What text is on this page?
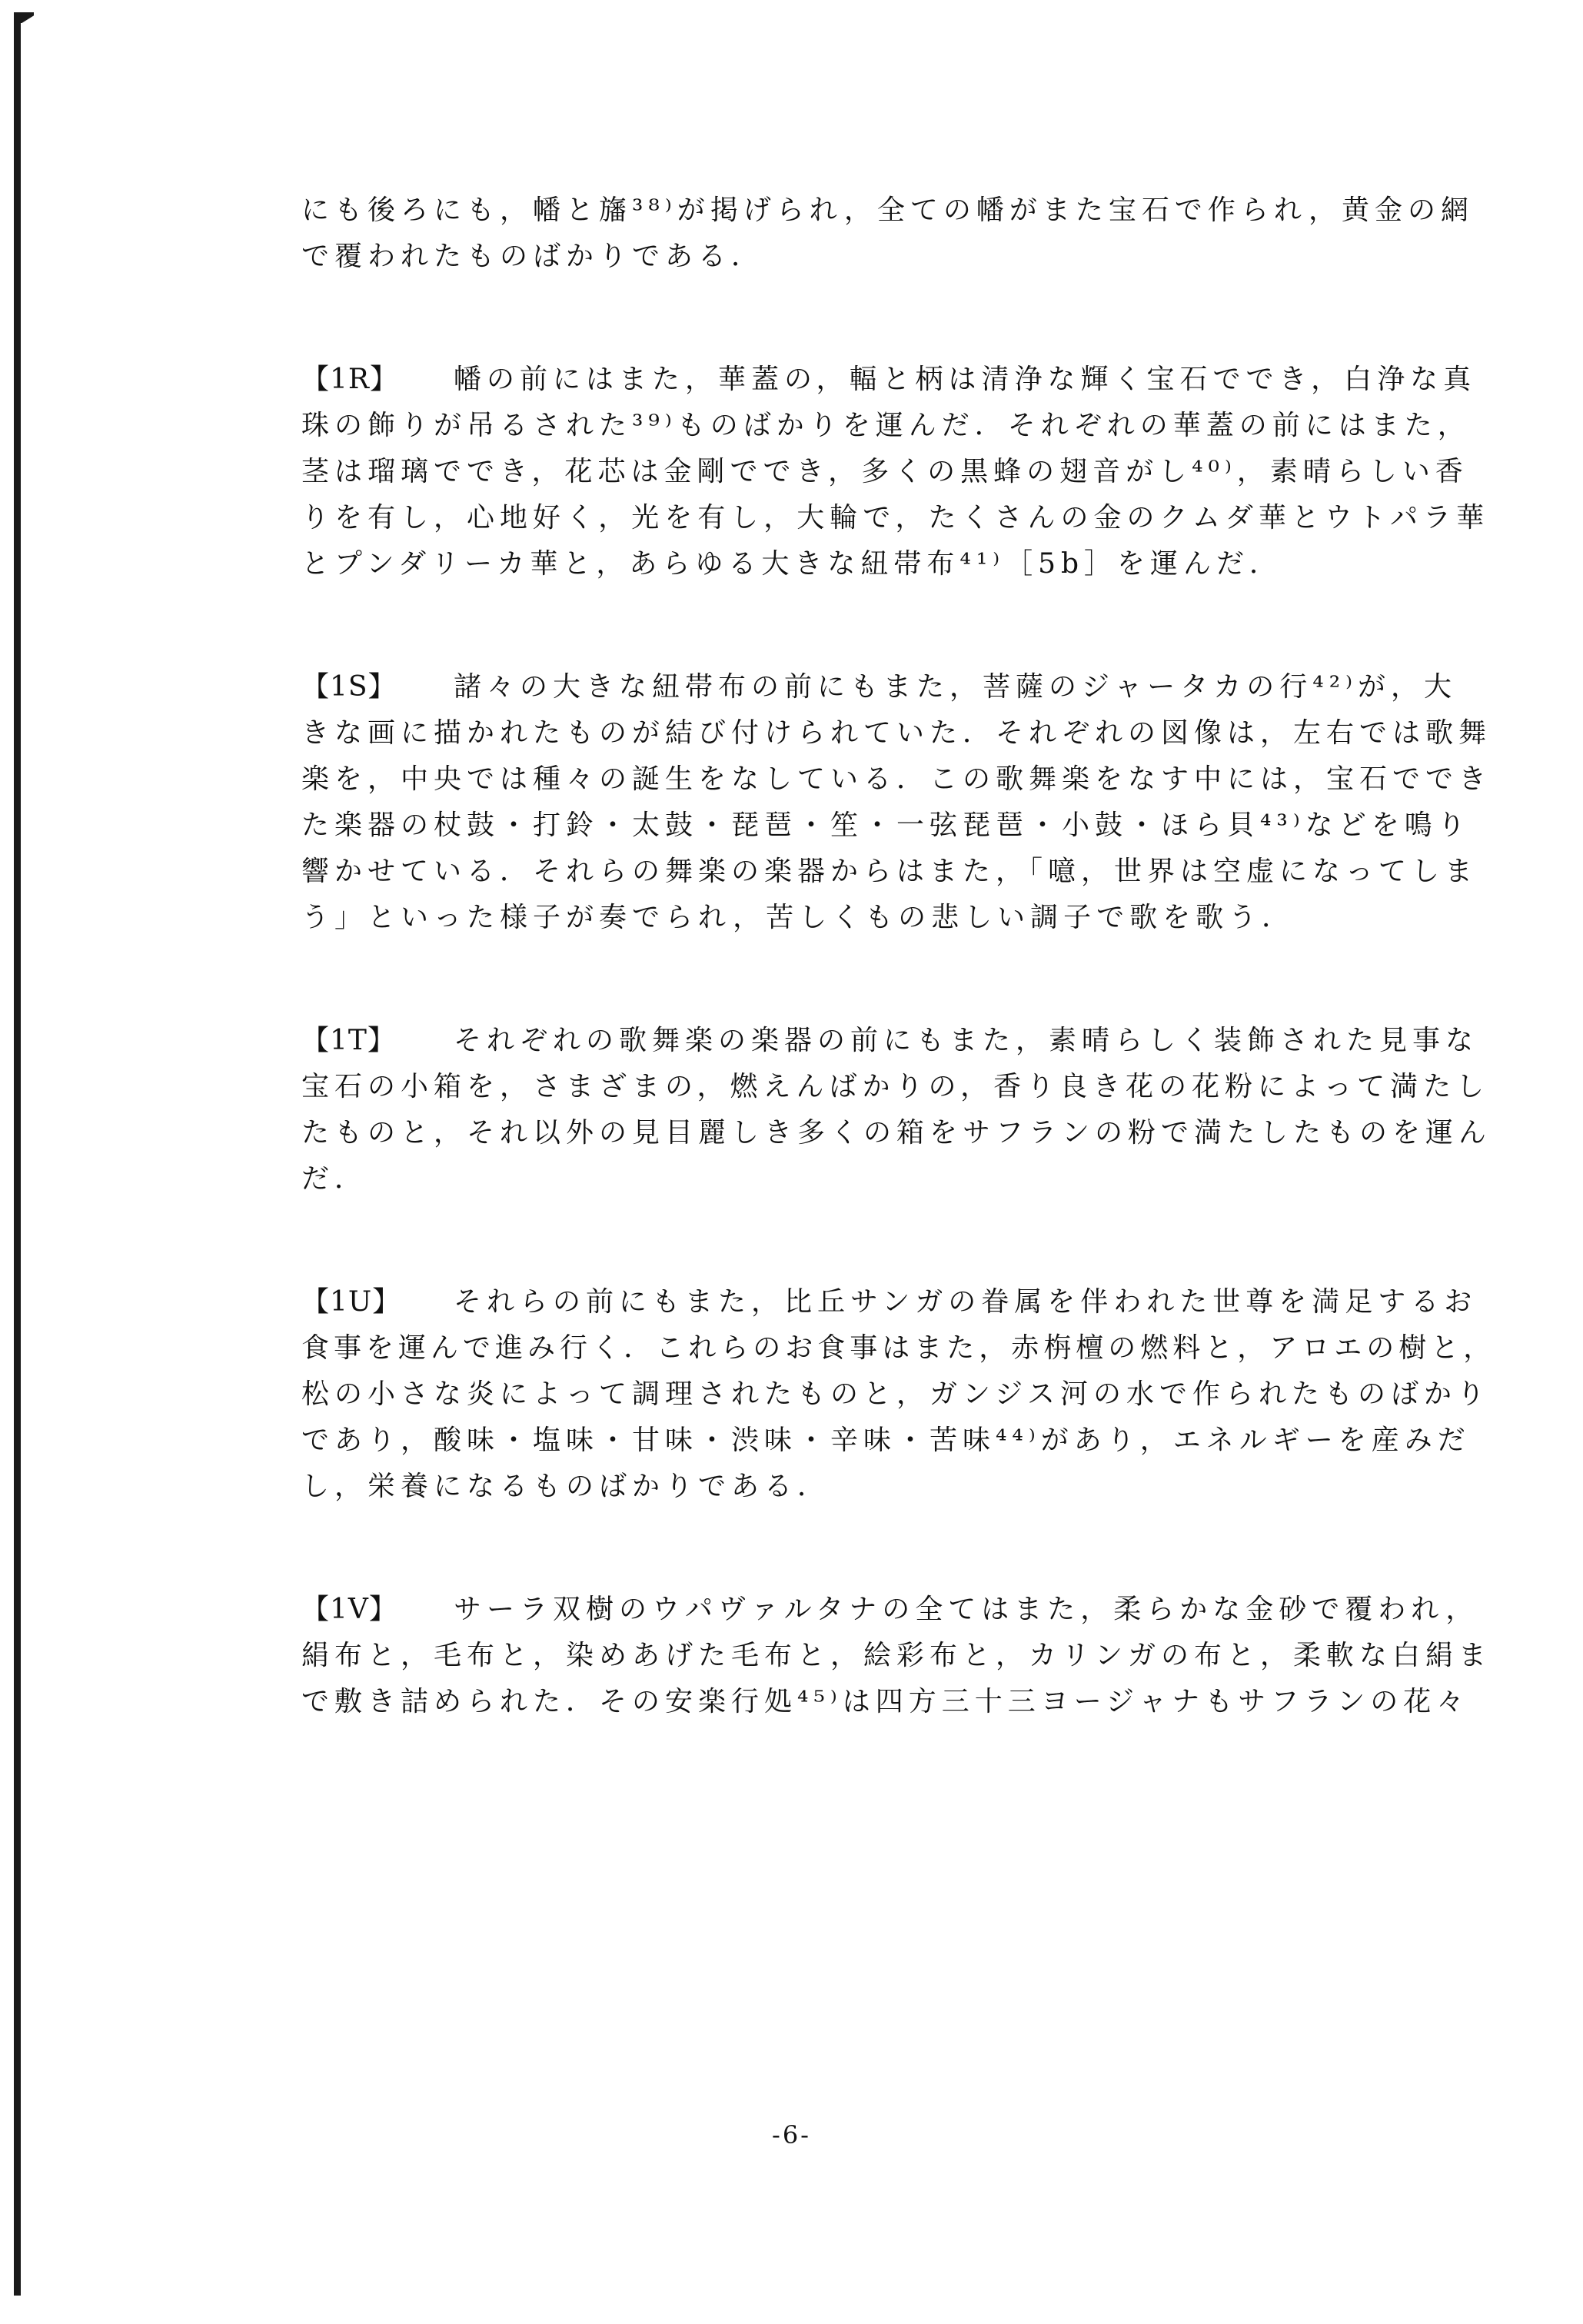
にも後ろにも，幡と旛³⁸⁾が掲げられ，全ての幡がまた宝石で作られ，黄金の網
で覆われたものばかりである．
【1R】 幡の前にはまた，華蓋の，輻と柄は清浄な輝く宝石ででき，白浄な真
珠の飾りが吊るされた³⁹⁾ものばかりを運んだ．それぞれの華蓋の前にはまた，
茎は瑠璃ででき，花芯は金剛ででき，多くの黒蜂の翅音がし⁴⁰⁾，素晴らしい香
りを有し，心地好く，光を有し，大輪で，たくさんの金のクムダ華とウトパラ華
とプンダリーカ華と，あらゆる大きな紐帯布⁴¹⁾［5b］を運んだ．
【1S】 諸々の大きな紐帯布の前にもまた，菩薩のジャータカの行⁴²⁾が，大
きな画に描かれたものが結び付けられていた．それぞれの図像は，左右では歌舞
楽を，中央では種々の誕生をなしている．この歌舞楽をなす中には，宝石ででき
た楽器の杖鼓・打鈴・太鼓・琵琶・笙・一弦琵琶・小鼓・ほら貝⁴³⁾などを鳴り
響かせている．それらの舞楽の楽器からはまた，「噫，世界は空虚になってしま
う」といった様子が奏でられ，苦しくもの悲しい調子で歌を歌う．
【1T】 それぞれの歌舞楽の楽器の前にもまた，素晴らしく装飾された見事な
宝石の小箱を，さまざまの，燃えんばかりの，香り良き花の花粉によって満たし
たものと，それ以外の見目麗しき多くの箱をサフランの粉で満たしたものを運ん
だ．
【1U】 それらの前にもまた，比丘サンガの眷属を伴われた世尊を満足するお
食事を運んで進み行く．これらのお食事はまた，赤栴檀の燃料と，アロエの樹と，
松の小さな炎によって調理されたものと，ガンジス河の水で作られたものばかり
であり，酸味・塩味・甘味・渋味・辛味・苦味⁴⁴⁾があり，エネルギーを産みだ
し，栄養になるものばかりである．
【1V】 サーラ双樹のウパヴァルタナの全てはまた，柔らかな金砂で覆われ，
絹布と，毛布と，染めあげた毛布と，絵彩布と，カリンガの布と，柔軟な白絹ま
で敷き詰められた．その安楽行処⁴⁵⁾は四方三十三ヨージャナもサフランの花々
-6-
